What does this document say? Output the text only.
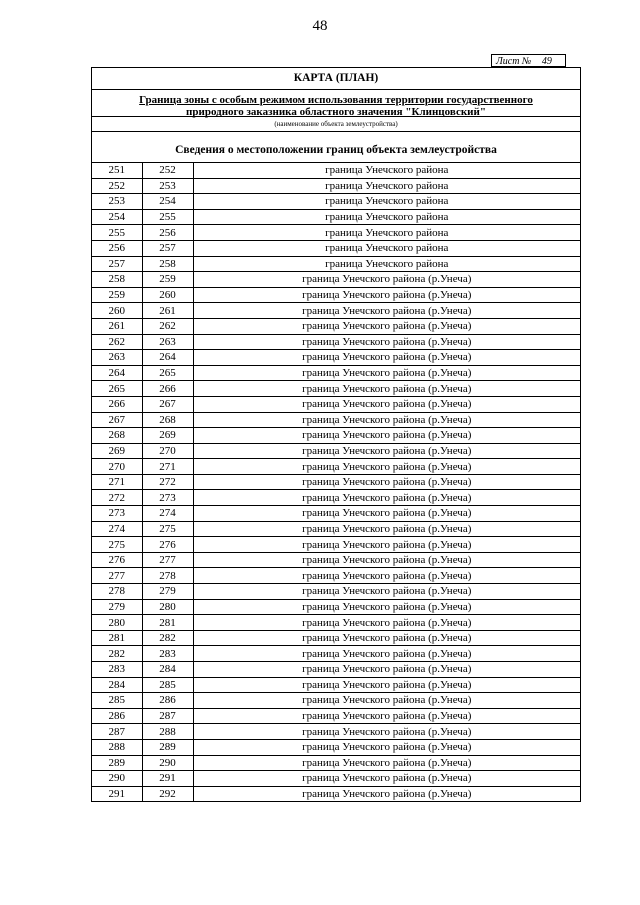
48
Лист № 49
КАРТА (ПЛАН)
Граница зоны с особым режимом использования территории государственного
природного заказника областного значения "Клинцовский"
(наименование объекта землеустройства)
Сведения о местоположении границ объекта землеустройства
251	252	граница Унечского района
252	253	граница Унечского района
253	254	граница Унечского района
254	255	граница Унечского района
255	256	граница Унечского района
256	257	граница Унечского района
257	258	граница Унечского района
258	259	граница Унечского района (р.Унеча)
259	260	граница Унечского района (р.Унеча)
260	261	граница Унечского района (р.Унеча)
261	262	граница Унечского района (р.Унеча)
262	263	граница Унечского района (р.Унеча)
263	264	граница Унечского района (р.Унеча)
264	265	граница Унечского района (р.Унеча)
265	266	граница Унечского района (р.Унеча)
266	267	граница Унечского района (р.Унеча)
267	268	граница Унечского района (р.Унеча)
268	269	граница Унечского района (р.Унеча)
269	270	граница Унечского района (р.Унеча)
270	271	граница Унечского района (р.Унеча)
271	272	граница Унечского района (р.Унеча)
272	273	граница Унечского района (р.Унеча)
273	274	граница Унечского района (р.Унеча)
274	275	граница Унечского района (р.Унеча)
275	276	граница Унечского района (р.Унеча)
276	277	граница Унечского района (р.Унеча)
277	278	граница Унечского района (р.Унеча)
278	279	граница Унечского района (р.Унеча)
279	280	граница Унечского района (р.Унеча)
280	281	граница Унечского района (р.Унеча)
281	282	граница Унечского района (р.Унеча)
282	283	граница Унечского района (р.Унеча)
283	284	граница Унечского района (р.Унеча)
284	285	граница Унечского района (р.Унеча)
285	286	граница Унечского района (р.Унеча)
286	287	граница Унечского района (р.Унеча)
287	288	граница Унечского района (р.Унеча)
288	289	граница Унечского района (р.Унеча)
289	290	граница Унечского района (р.Унеча)
290	291	граница Унечского района (р.Унеча)
291	292	граница Унечского района (р.Унеча)
